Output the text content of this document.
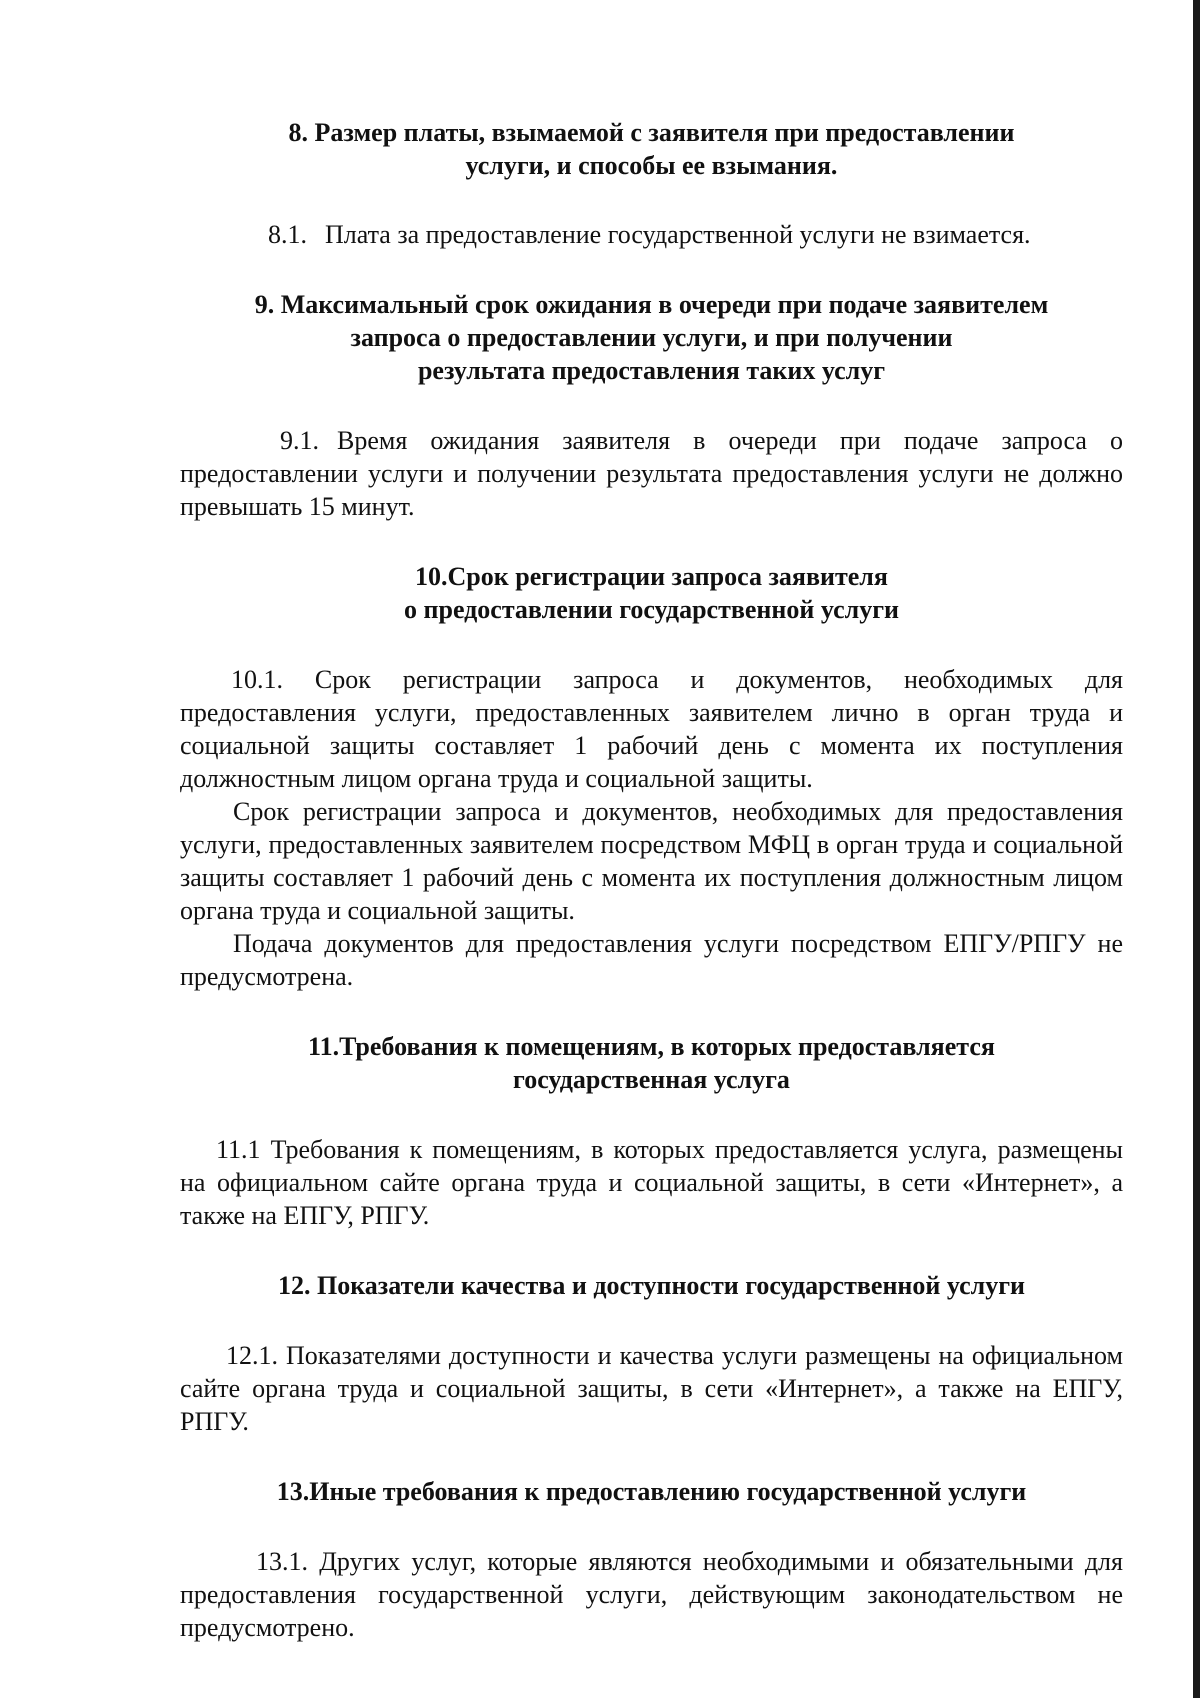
8. Размер платы, взымаемой с заявителя при предоставлении
услуги, и способы ее взымания.

8.1. Плата за предоставление государственной услуги не взимается.

9. Максимальный срок ожидания в очереди при подаче заявителем
запроса о предоставлении услуги, и при получении
результата предоставления таких услуг

9.1. Время ожидания заявителя в очереди при подаче запроса о предоставлении услуги и получении результата предоставления услуги не должно превышать 15 минут.

10.Срок регистрации запроса заявителя
о предоставлении государственной услуги

10.1. Срок регистрации запроса и документов, необходимых для предоставления услуги, предоставленных заявителем лично в орган труда и социальной защиты составляет 1 рабочий день с момента их поступления должностным лицом органа труда и социальной защиты.

Срок регистрации запроса и документов, необходимых для предоставления услуги, предоставленных заявителем посредством МФЦ в орган труда и социальной защиты составляет 1 рабочий день с момента их поступления должностным лицом органа труда и социальной защиты.

Подача документов для предоставления услуги посредством ЕПГУ/РПГУ не предусмотрена.

11.Требования к помещениям, в которых предоставляется
государственная услуга

11.1 Требования к помещениям, в которых предоставляется услуга, размещены на официальном сайте органа труда и социальной защиты, в сети «Интернет», а также на ЕПГУ, РПГУ.

12. Показатели качества и доступности государственной услуги

12.1. Показателями доступности и качества услуги размещены на официальном сайте органа труда и социальной защиты, в сети «Интернет», а также на ЕПГУ, РПГУ.

13.Иные требования к предоставлению государственной услуги

13.1. Других услуг, которые являются необходимыми и обязательными для предоставления государственной услуги, действующим законодательством не предусмотрено.
